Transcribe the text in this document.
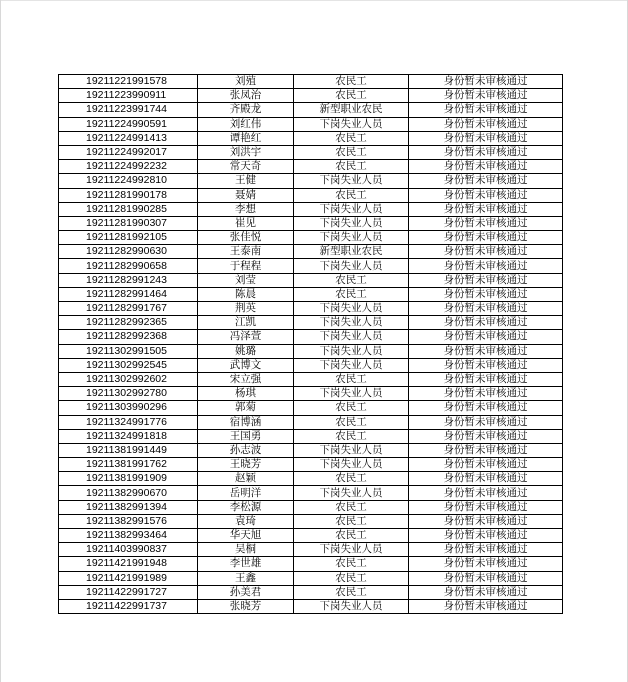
19211221991578	刘殖	农民工	身份暂未审核通过
19211223990911	张凤治	农民工	身份暂未审核通过
19211223991744	齐殿龙	新型职业农民	身份暂未审核通过
19211224990591	刘红伟	下岗失业人员	身份暂未审核通过
19211224991413	谭艳红	农民工	身份暂未审核通过
19211224992017	刘洪宇	农民工	身份暂未审核通过
19211224992232	常天奇	农民工	身份暂未审核通过
19211224992810	王健	下岗失业人员	身份暂未审核通过
19211281990178	聂婧	农民工	身份暂未审核通过
19211281990285	李想	下岗失业人员	身份暂未审核通过
19211281990307	崔见	下岗失业人员	身份暂未审核通过
19211281992105	张佳悦	下岗失业人员	身份暂未审核通过
19211282990630	王泰南	新型职业农民	身份暂未审核通过
19211282990658	于程程	下岗失业人员	身份暂未审核通过
19211282991243	刘莹	农民工	身份暂未审核通过
19211282991464	陈晨	农民工	身份暂未审核通过
19211282991767	荆英	下岗失业人员	身份暂未审核通过
19211282992365	江凯	下岗失业人员	身份暂未审核通过
19211282992368	冯泽萱	下岗失业人员	身份暂未审核通过
19211302991505	姚璐	下岗失业人员	身份暂未审核通过
19211302992545	武博文	下岗失业人员	身份暂未审核通过
19211302992602	宋立强	农民工	身份暂未审核通过
19211302992780	杨琪	下岗失业人员	身份暂未审核通过
19211303990296	郭菊	农民工	身份暂未审核通过
19211324991776	宿博涵	农民工	身份暂未审核通过
19211324991818	王国勇	农民工	身份暂未审核通过
19211381991449	孙志波	下岗失业人员	身份暂未审核通过
19211381991762	王晓芳	下岗失业人员	身份暂未审核通过
19211381991909	赵颖	农民工	身份暂未审核通过
19211382990670	岳明洋	下岗失业人员	身份暂未审核通过
19211382991394	李松源	农民工	身份暂未审核通过
19211382991576	袁琦	农民工	身份暂未审核通过
19211382993464	华天旭	农民工	身份暂未审核通过
19211403990837	吴桐	下岗失业人员	身份暂未审核通过
19211421991948	李世雄	农民工	身份暂未审核通过
19211421991989	王鑫	农民工	身份暂未审核通过
19211422991727	孙美君	农民工	身份暂未审核通过
19211422991737	张晓芳	下岗失业人员	身份暂未审核通过
